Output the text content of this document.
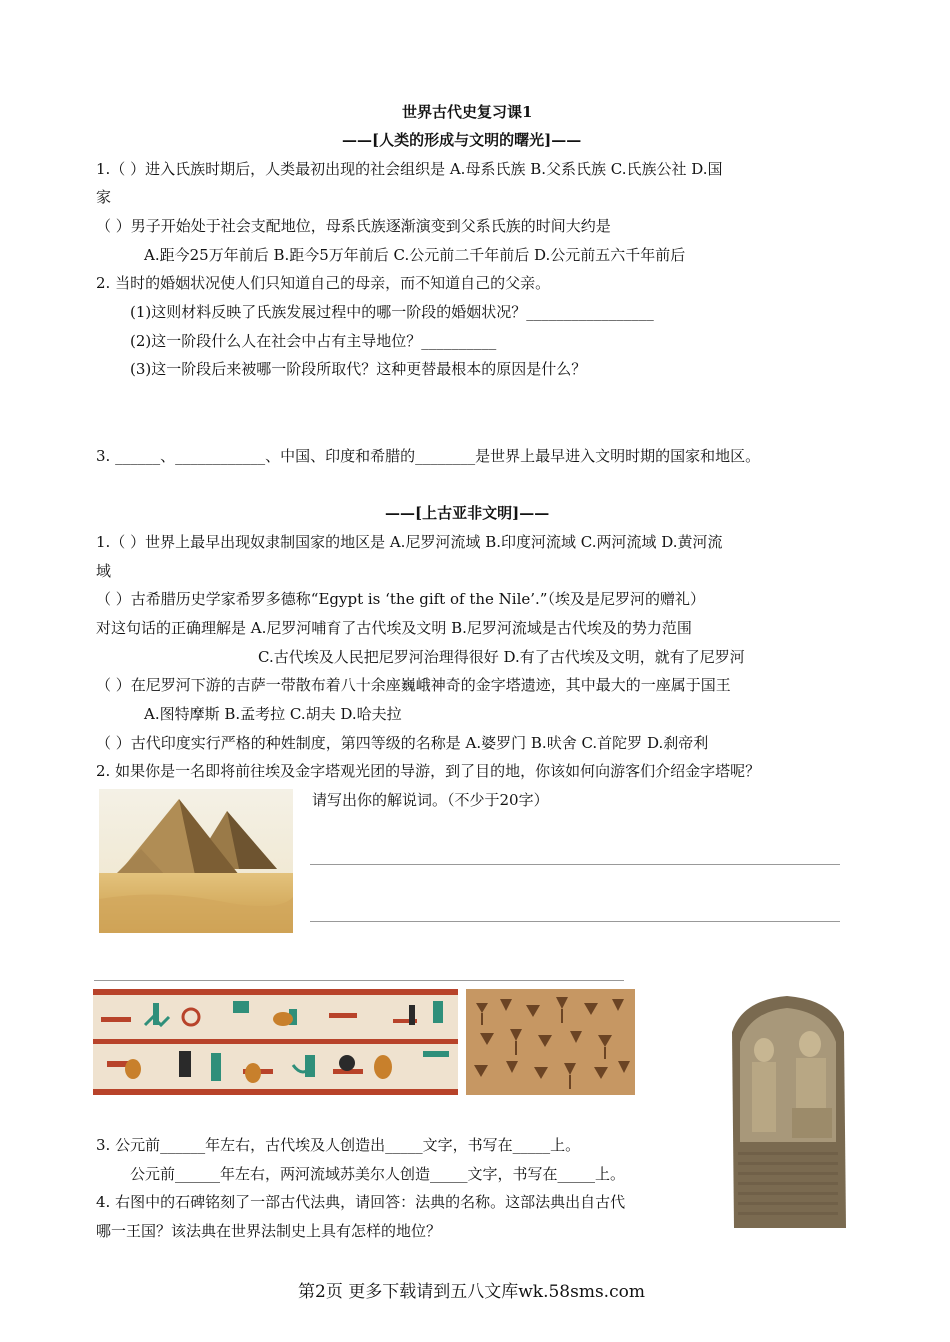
世界古代史复习课1
——[人类的形成与文明的曙光]——
1.（ ）进入氏族时期后，人类最初出现的社会组织是 A.母系氏族 B.父系氏族 C.氏族公社 D.国
家
（ ）男子开始处于社会支配地位，母系氏族逐渐演变到父系氏族的时间大约是
A.距今25万年前后 B.距今5万年前后 C.公元前二千年前后 D.公元前五六千年前后
2. 当时的婚姻状况使人们只知道自己的母亲，而不知道自己的父亲。
(1)这则材料反映了氏族发展过程中的哪一阶段的婚姻状况？_________________
(2)这一阶段什么人在社会中占有主导地位？__________
(3)这一阶段后来被哪一阶段所取代？这种更替最根本的原因是什么？
3. ______、____________、中国、印度和希腊的________是世界上最早进入文明时期的国家和地区。
——[上古亚非文明]——
1.（ ）世界上最早出现奴隶制国家的地区是 A.尼罗河流域 B.印度河流域 C.两河流域 D.黄河流
域
（ ）古希腊历史学家希罗多德称“Egypt is ‘the gift of the Nile’.”（埃及是尼罗河的赠礼）
对这句话的正确理解是 A.尼罗河哺育了古代埃及文明 B.尼罗河流域是古代埃及的势力范围
C.古代埃及人民把尼罗河治理得很好 D.有了古代埃及文明，就有了尼罗河
（ ）在尼罗河下游的吉萨一带散布着八十余座巍峨神奇的金字塔遗迹，其中最大的一座属于国王
A.图特摩斯 B.孟考拉 C.胡夫 D.哈夫拉
（ ）古代印度实行严格的种姓制度，第四等级的名称是 A.婆罗门 B.吠舍 C.首陀罗 D.刹帝利
2. 如果你是一名即将前往埃及金字塔观光团的导游，到了目的地，你该如何向游客们介绍金字塔呢？
请写出你的解说词。（不少于20字）
3. 公元前______年左右，古代埃及人创造出_____文字，书写在_____上。
公元前______年左右，两河流域苏美尔人创造_____文字，书写在_____上。
4. 右图中的石碑铭刻了一部古代法典，请回答：法典的名称。这部法典出自古代
哪一王国？该法典在世界法制史上具有怎样的地位？
第2页 更多下载请到五八文库wk.58sms.com
